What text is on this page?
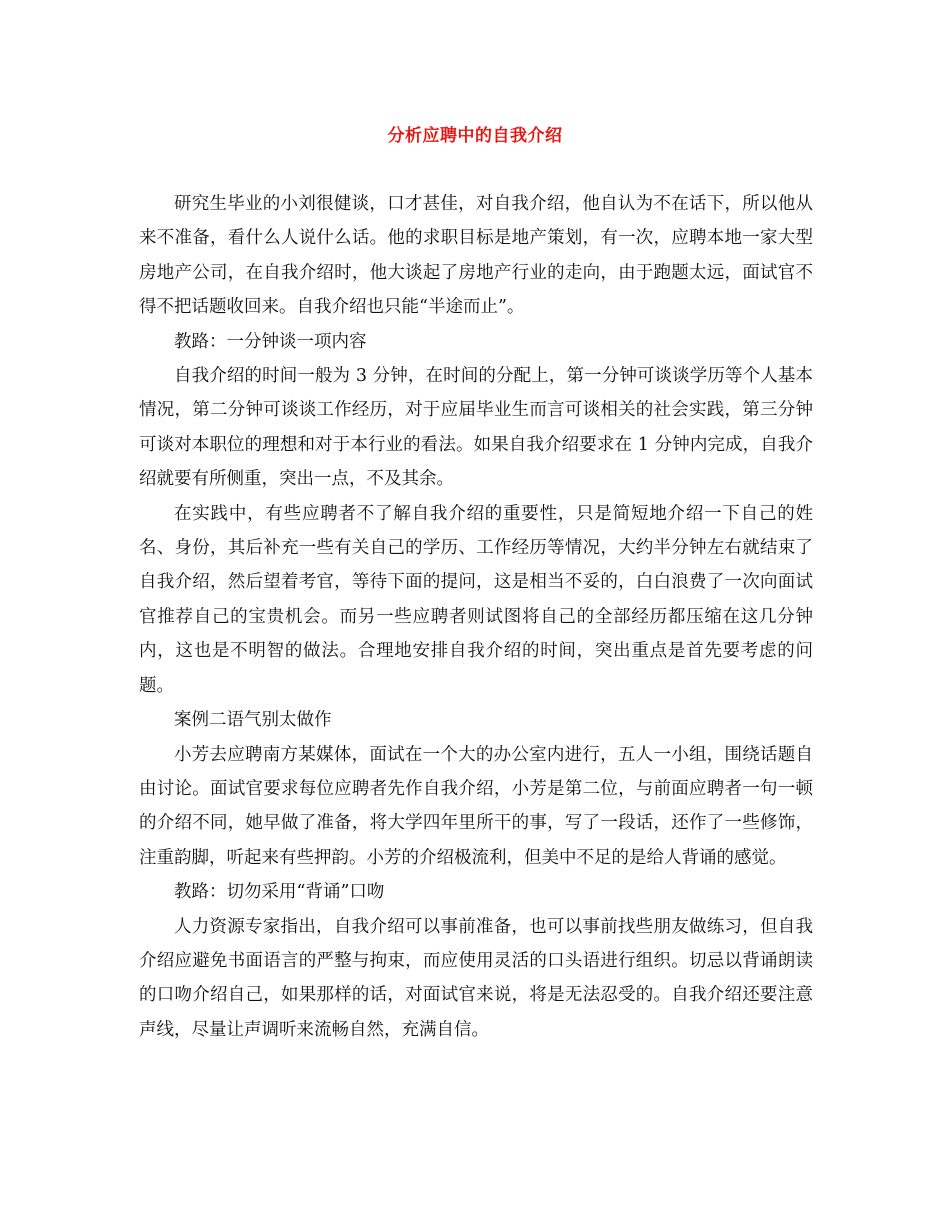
分析应聘中的自我介绍

研究生毕业的小刘很健谈，口才甚佳，对自我介绍，他自认为不在话下，所以他从来不准备，看什么人说什么话。他的求职目标是地产策划，有一次，应聘本地一家大型房地产公司，在自我介绍时，他大谈起了房地产行业的走向，由于跑题太远，面试官不得不把话题收回来。自我介绍也只能“半途而止”。

教路：一分钟谈一项内容

自我介绍的时间一般为 3 分钟，在时间的分配上，第一分钟可谈谈学历等个人基本情况，第二分钟可谈谈工作经历，对于应届毕业生而言可谈相关的社会实践，第三分钟可谈对本职位的理想和对于本行业的看法。如果自我介绍要求在 1 分钟内完成，自我介绍就要有所侧重，突出一点，不及其余。

在实践中，有些应聘者不了解自我介绍的重要性，只是简短地介绍一下自己的姓名、身份，其后补充一些有关自己的学历、工作经历等情况，大约半分钟左右就结束了自我介绍，然后望着考官，等待下面的提问，这是相当不妥的，白白浪费了一次向面试官推荐自己的宝贵机会。而另一些应聘者则试图将自己的全部经历都压缩在这几分钟内，这也是不明智的做法。合理地安排自我介绍的时间，突出重点是首先要考虑的问题。

案例二语气别太做作

小芳去应聘南方某媒体，面试在一个大的办公室内进行，五人一小组，围绕话题自由讨论。面试官要求每位应聘者先作自我介绍，小芳是第二位，与前面应聘者一句一顿的介绍不同，她早做了准备，将大学四年里所干的事，写了一段话，还作了一些修饰，注重韵脚，听起来有些押韵。小芳的介绍极流利，但美中不足的是给人背诵的感觉。

教路：切勿采用“背诵”口吻

人力资源专家指出，自我介绍可以事前准备，也可以事前找些朋友做练习，但自我介绍应避免书面语言的严整与拘束，而应使用灵活的口头语进行组织。切忌以背诵朗读的口吻介绍自己，如果那样的话，对面试官来说，将是无法忍受的。自我介绍还要注意声线，尽量让声调听来流畅自然，充满自信。
